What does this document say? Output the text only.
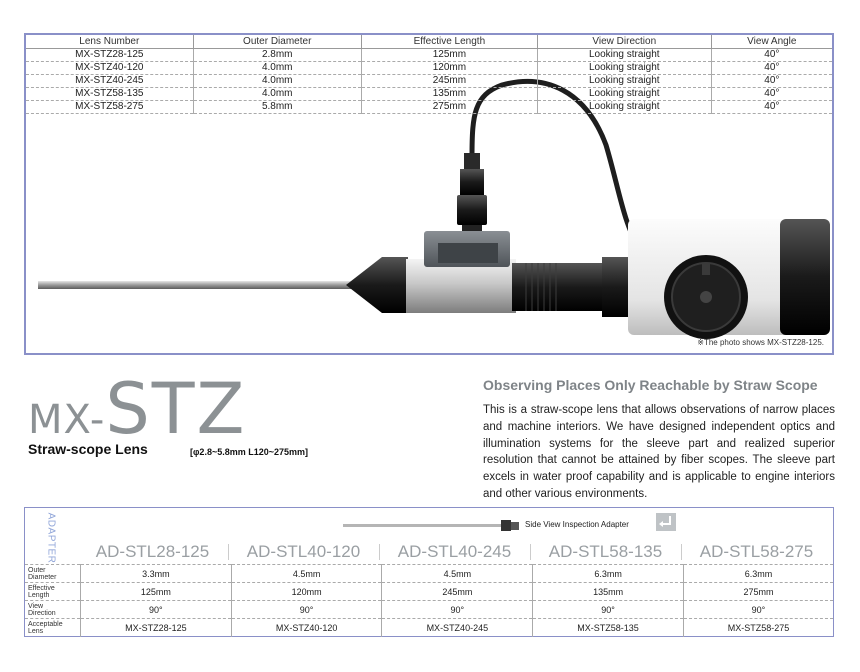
Lens Number	Outer Diameter	Effective Length	View Direction	View Angle
MX-STZ28-125	2.8mm	125mm	Looking straight	40°
MX-STZ40-120	4.0mm	120mm	Looking straight	40°
MX-STZ40-245	4.0mm	245mm	Looking straight	40°
MX-STZ58-135	4.0mm	135mm	Looking straight	40°
MX-STZ58-275	5.8mm	275mm	Looking straight	40°
※The photo shows MX-STZ28-125.
MX-STZ
Straw-scope Lens	[φ2.8~5.8mm L120~275mm]
Observing Places Only Reachable by Straw Scope

This is a straw-scope lens that allows observations of narrow places and machine interiors. We have designed independent optics and illumination systems for the sleeve part and realized superior resolution that cannot be attained by fiber scopes. The sleeve part excels in water proof capability and is applicable to engine interiors and other various environments.

ADAPTER	Side View Inspection Adapter
AD-STL28-125	AD-STL40-120	AD-STL40-245	AD-STL58-135	AD-STL58-275
Outer
Diameter	3.3mm	4.5mm	4.5mm	6.3mm	6.3mm
Effective
Length	125mm	120mm	245mm	135mm	275mm
View
Direction	90°	90°	90°	90°	90°
Acceptable
Lens	MX-STZ28-125	MX-STZ40-120	MX-STZ40-245	MX-STZ58-135	MX-STZ58-275
